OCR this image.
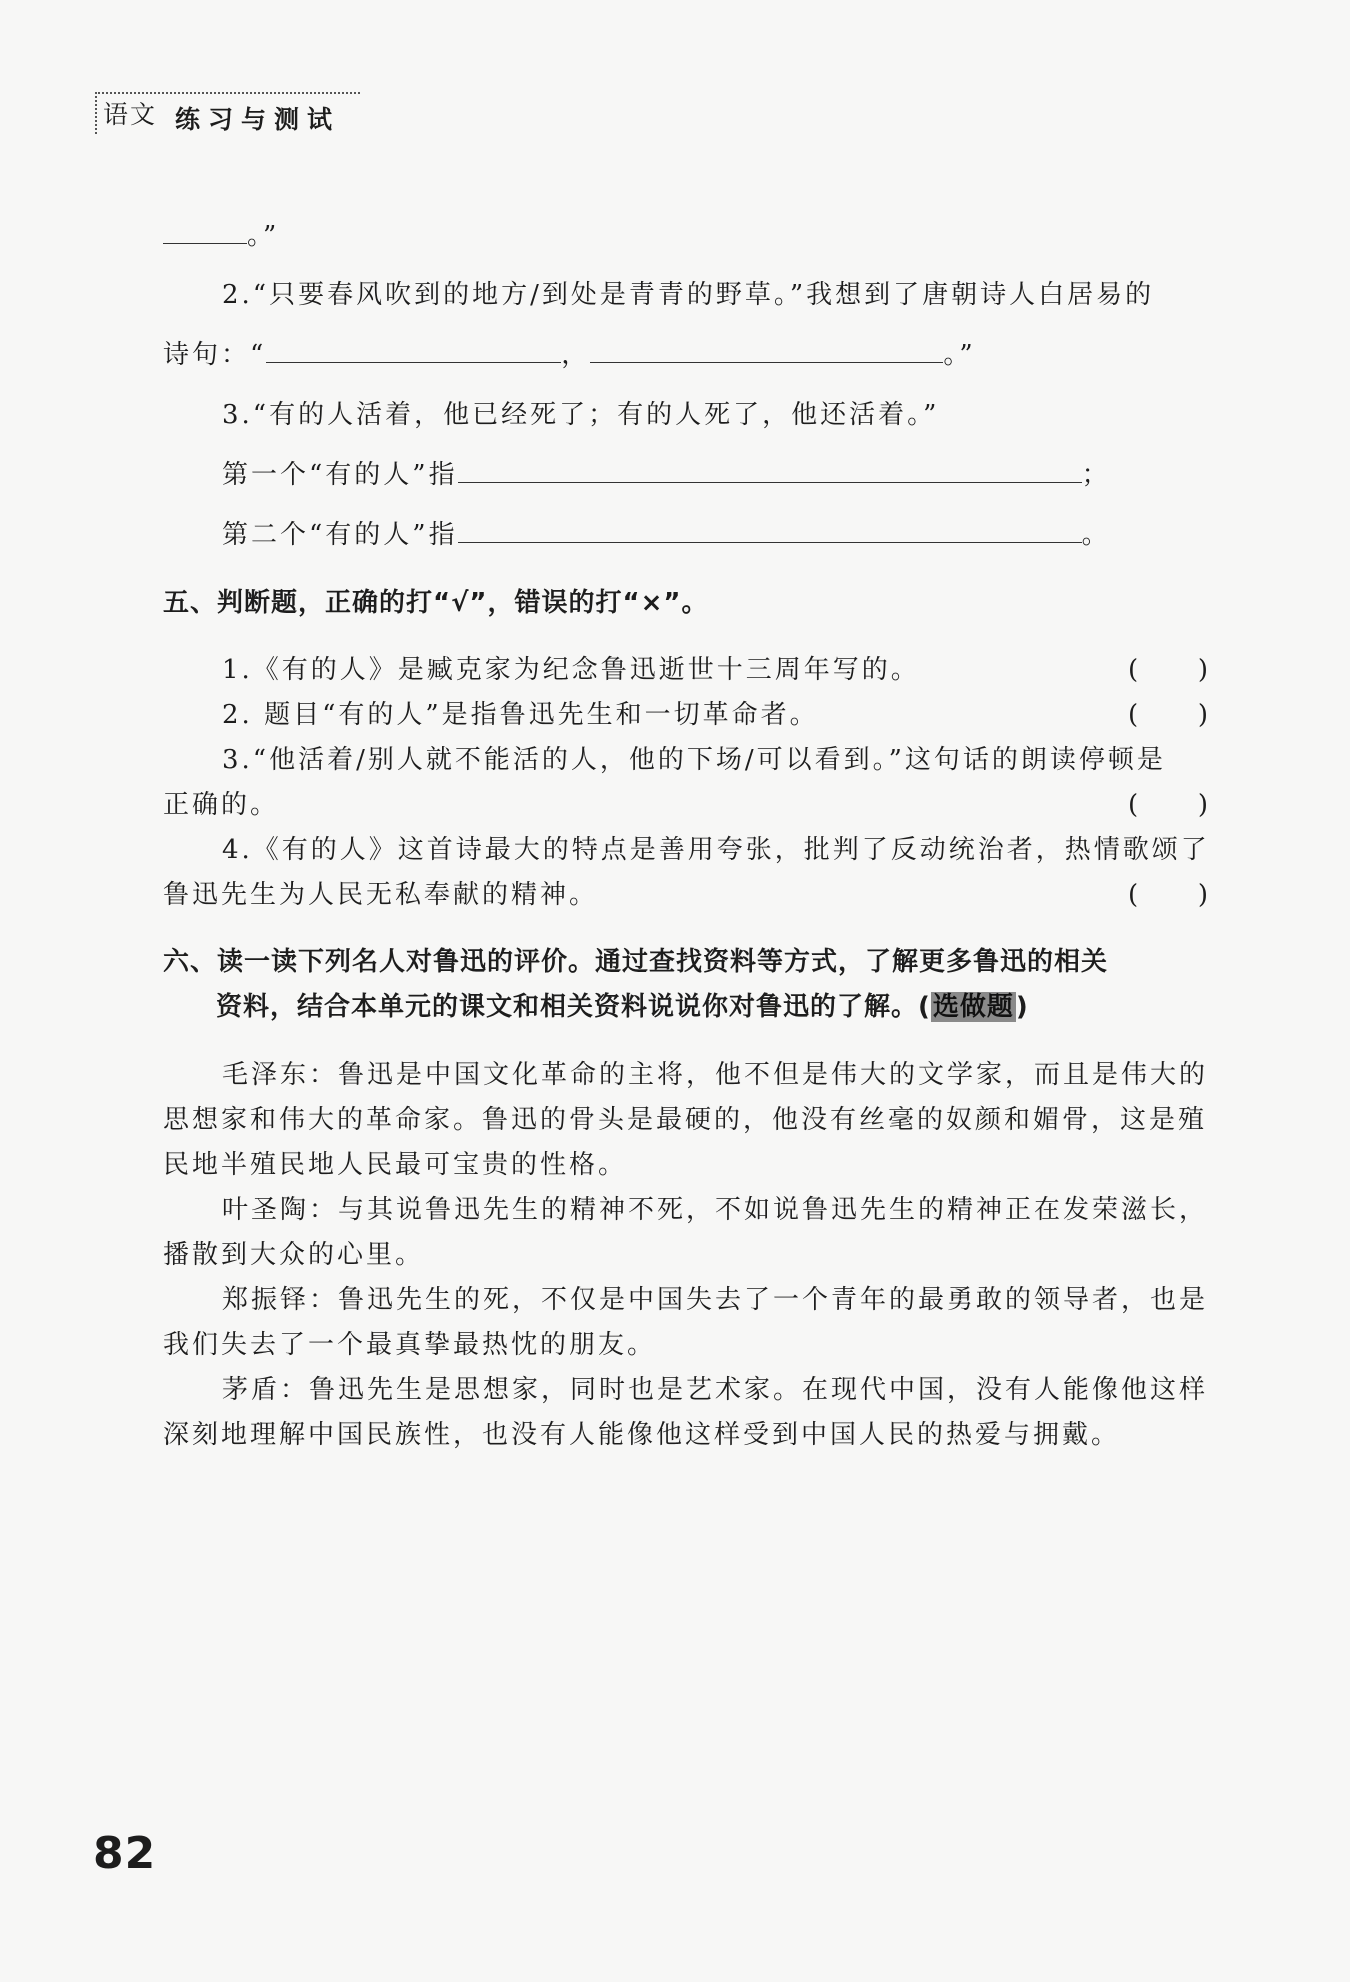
语文 练习与测试
。”
2.“只要春风吹到的地方/到处是青青的野草。”我想到了唐朝诗人白居易的
诗句：“	，	。”
3.“有的人活着，他已经死了；有的人死了，他还活着。”
第一个“有的人”指	；
第二个“有的人”指	。
五、判断题，正确的打“√”，错误的打“×”。
1.《有的人》是臧克家为纪念鲁迅逝世十三周年写的。	( )
2. 题目“有的人”是指鲁迅先生和一切革命者。	( )
3.“他活着/别人就不能活的人，他的下场/可以看到。”这句话的朗读停顿是
正确的。	( )
4.《有的人》这首诗最大的特点是善用夸张，批判了反动统治者，热情歌颂了
鲁迅先生为人民无私奉献的精神。	( )
六、读一读下列名人对鲁迅的评价。通过查找资料等方式，了解更多鲁迅的相关
资料，结合本单元的课文和相关资料说说你对鲁迅的了解。(选做题)
毛泽东：鲁迅是中国文化革命的主将，他不但是伟大的文学家，而且是伟大的
思想家和伟大的革命家。鲁迅的骨头是最硬的，他没有丝毫的奴颜和媚骨，这是殖
民地半殖民地人民最可宝贵的性格。
叶圣陶：与其说鲁迅先生的精神不死，不如说鲁迅先生的精神正在发荣滋长，
播散到大众的心里。
郑振铎：鲁迅先生的死，不仅是中国失去了一个青年的最勇敢的领导者，也是
我们失去了一个最真挚最热忱的朋友。
茅盾：鲁迅先生是思想家，同时也是艺术家。在现代中国，没有人能像他这样
深刻地理解中国民族性，也没有人能像他这样受到中国人民的热爱与拥戴。
82
